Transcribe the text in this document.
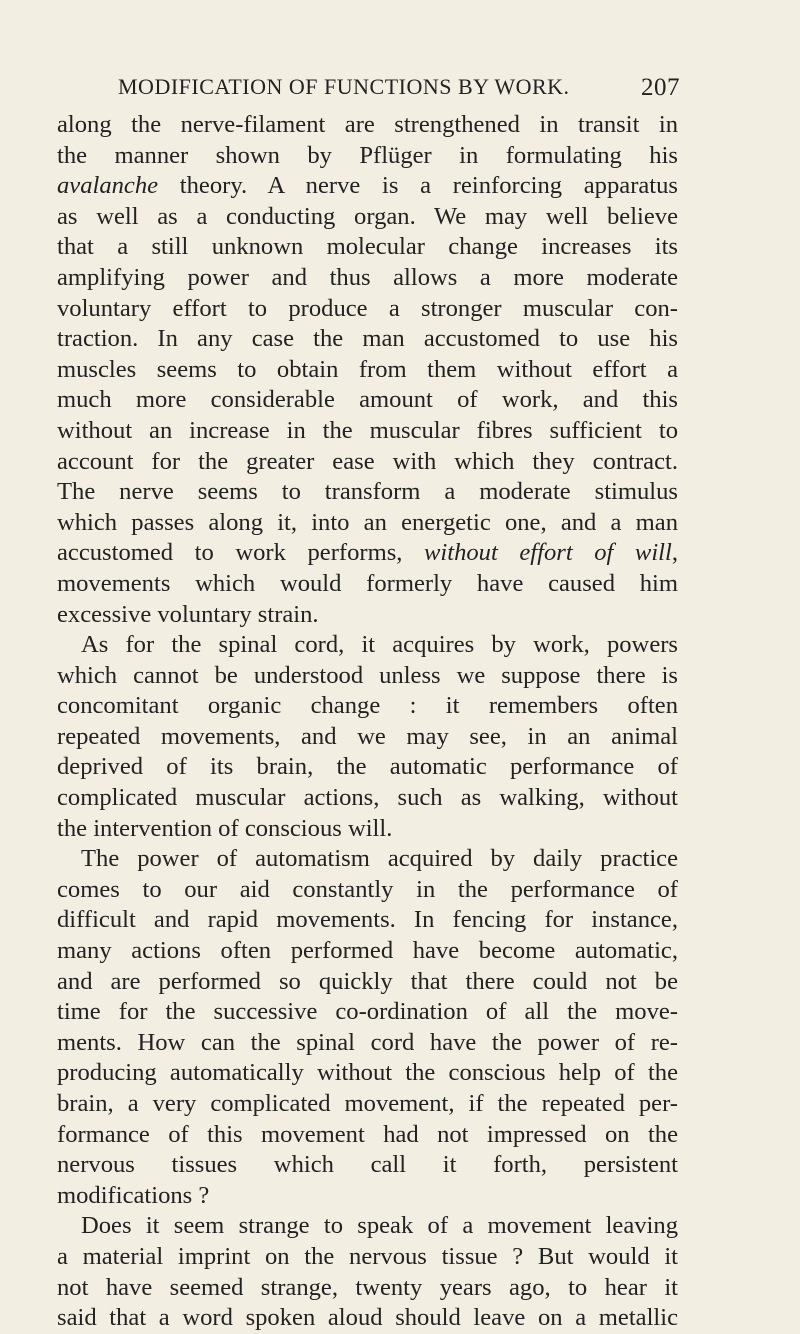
MODIFICATION OF FUNCTIONS BY WORK.	207
along the nerve-filament are strengthened in transit in
the manner shown by Pflüger in formulating his
avalanche theory. A nerve is a reinforcing apparatus
as well as a conducting organ. We may well believe
that a still unknown molecular change increases its
amplifying power and thus allows a more moderate
voluntary effort to produce a stronger muscular con-
traction. In any case the man accustomed to use his
muscles seems to obtain from them without effort a
much more considerable amount of work, and this
without an increase in the muscular fibres sufficient to
account for the greater ease with which they contract.
The nerve seems to transform a moderate stimulus
which passes along it, into an energetic one, and a man
accustomed to work performs, without effort of will,
movements which would formerly have caused him
excessive voluntary strain.
As for the spinal cord, it acquires by work, powers
which cannot be understood unless we suppose there is
concomitant organic change : it remembers often
repeated movements, and we may see, in an animal
deprived of its brain, the automatic performance of
complicated muscular actions, such as walking, without
the intervention of conscious will.
The power of automatism acquired by daily practice
comes to our aid constantly in the performance of
difficult and rapid movements. In fencing for instance,
many actions often performed have become automatic,
and are performed so quickly that there could not be
time for the successive co-ordination of all the move-
ments. How can the spinal cord have the power of re-
producing automatically without the conscious help of the
brain, a very complicated movement, if the repeated per-
formance of this movement had not impressed on the
nervous tissues which call it forth, persistent
modifications ?
Does it seem strange to speak of a movement leaving
a material imprint on the nervous tissue ? But would it
not have seemed strange, twenty years ago, to hear it
said that a word spoken aloud should leave on a metallic
